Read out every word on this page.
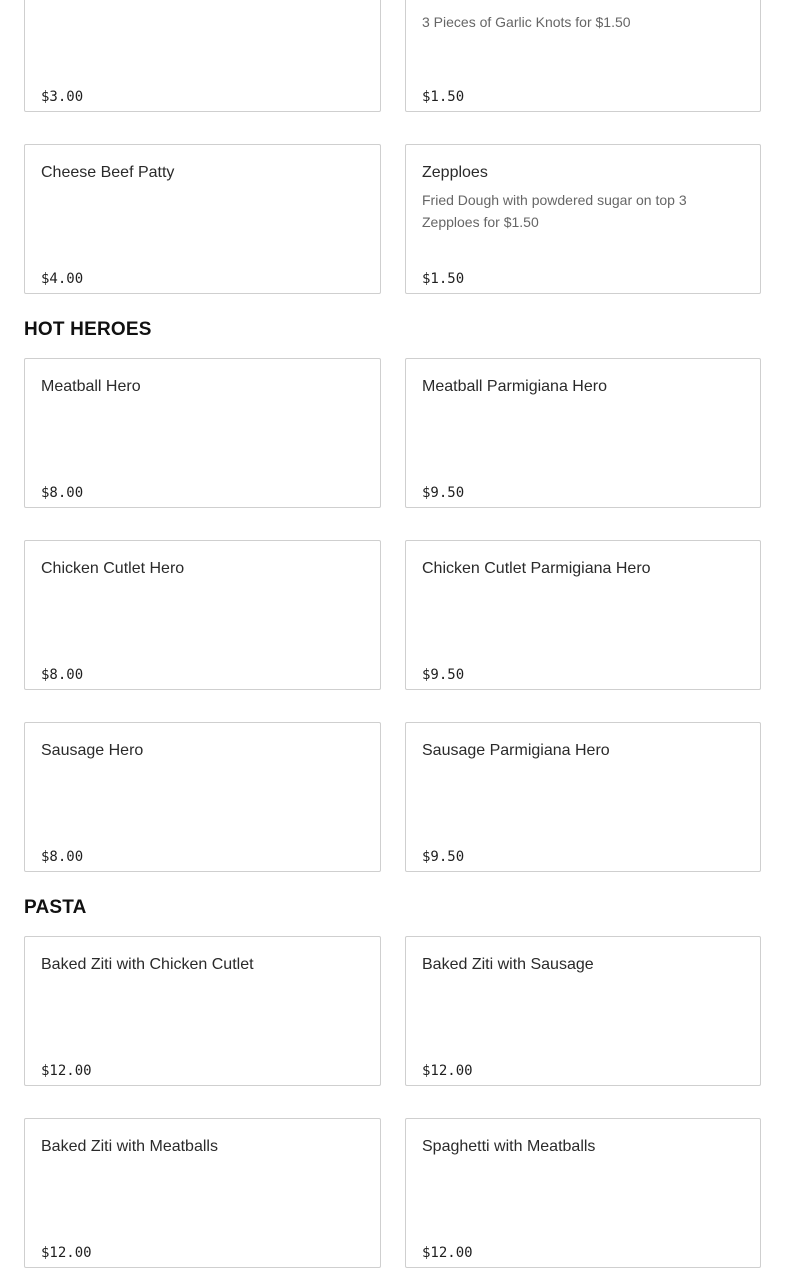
$3.00
3 Pieces of Garlic Knots for $1.50
$1.50
Cheese Beef Patty
$4.00
Zepploes
Fried Dough with powdered sugar on top 3 Zepploes for $1.50
$1.50
HOT HEROES
Meatball Hero
$8.00
Meatball Parmigiana Hero
$9.50
Chicken Cutlet Hero
$8.00
Chicken Cutlet Parmigiana Hero
$9.50
Sausage Hero
$8.00
Sausage Parmigiana Hero
$9.50
PASTA
Baked Ziti with Chicken Cutlet
$12.00
Baked Ziti with Sausage
$12.00
Baked Ziti with Meatballs
$12.00
Spaghetti with Meatballs
$12.00
